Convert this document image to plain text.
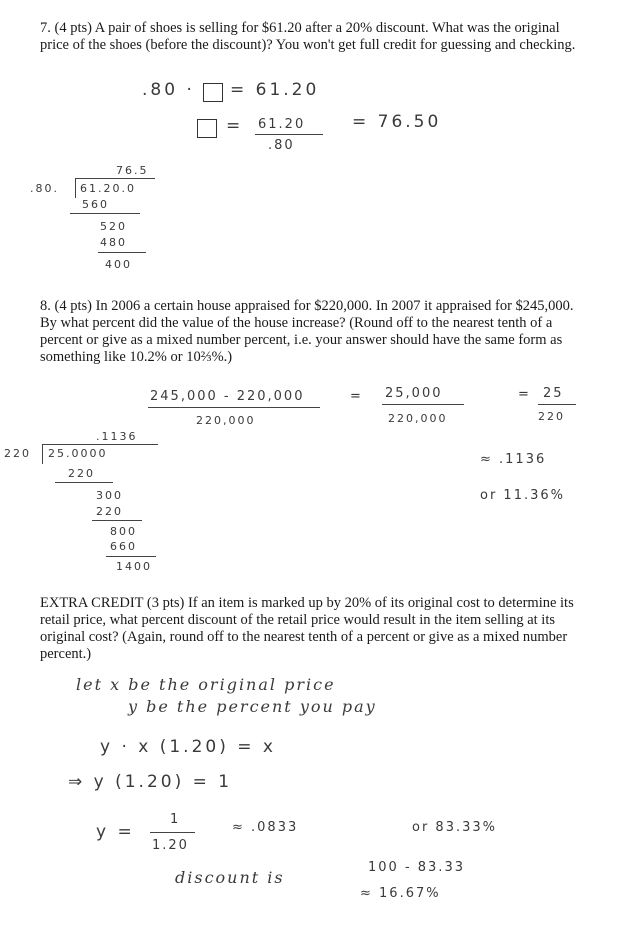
7. (4 pts) A pair of shoes is selling for $61.20 after a 20% discount. What was the original price of the shoes (before the discount)? You won't get full credit for guessing and checking.
.80 · = 61.20
= 61.20
.80
= 76.50
76.5
.80. 61.20.0
560
520
480
400
8. (4 pts) In 2006 a certain house appraised for $220,000. In 2007 it appraised for $245,000. By what percent did the value of the house increase? (Round off to the nearest tenth of a percent or give as a mixed number percent, i.e. your answer should have the same form as something like 10.2% or 10⅔%.)
245,000 - 220,000
220,000
= 25,000
220,000
= 25
220
.1136
220 25.0000
220
300
220
800
660
1400
≈ .1136
or 11.36%
EXTRA CREDIT (3 pts) If an item is marked up by 20% of its original cost to determine its retail price, what percent discount of the retail price would result in the item selling at its original cost? (Again, round off to the nearest tenth of a percent or give as a mixed number percent.)
let x be the original price
y be the percent you pay
y · x (1.20) = x
⇒ y (1.20) = 1
y =
1
1.20
≈ .0833	or 83.33%
discount is
100 - 83.33
≈ 16.67%
